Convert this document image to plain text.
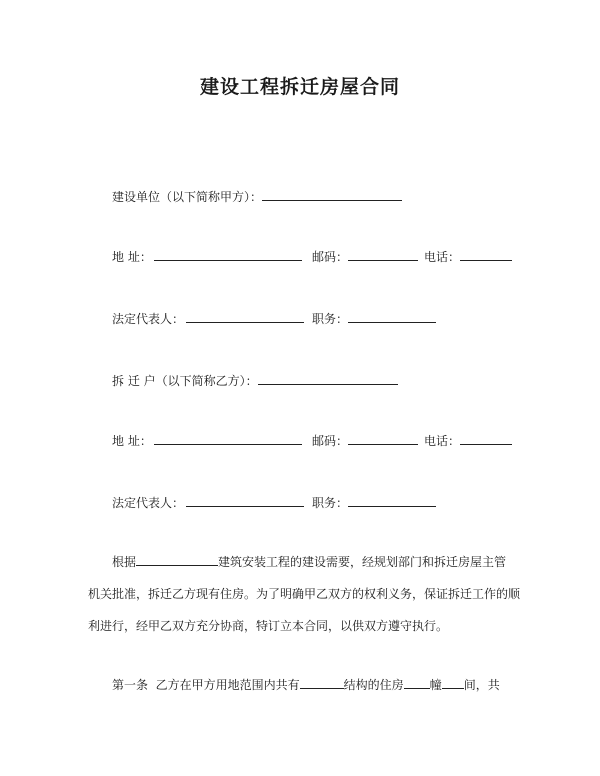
建设工程拆迁房屋合同
建设单位（以下简称甲方）：
地 址：	邮码：	电话：
法定代表人：	职务：
拆 迁 户（以下简称乙方）：
地 址：	邮码：	电话：
法定代表人：	职务：
根据	建筑安装工程的建设需要，经规划部门和拆迁房屋主管
机关批准，拆迁乙方现有住房。为了明确甲乙双方的权利义务，保证拆迁工作的顺
利进行，经甲乙双方充分协商，特订立本合同，以供双方遵守执行。
第一条 乙方在甲方用地范围内共有	结构的住房 幢 间，共
